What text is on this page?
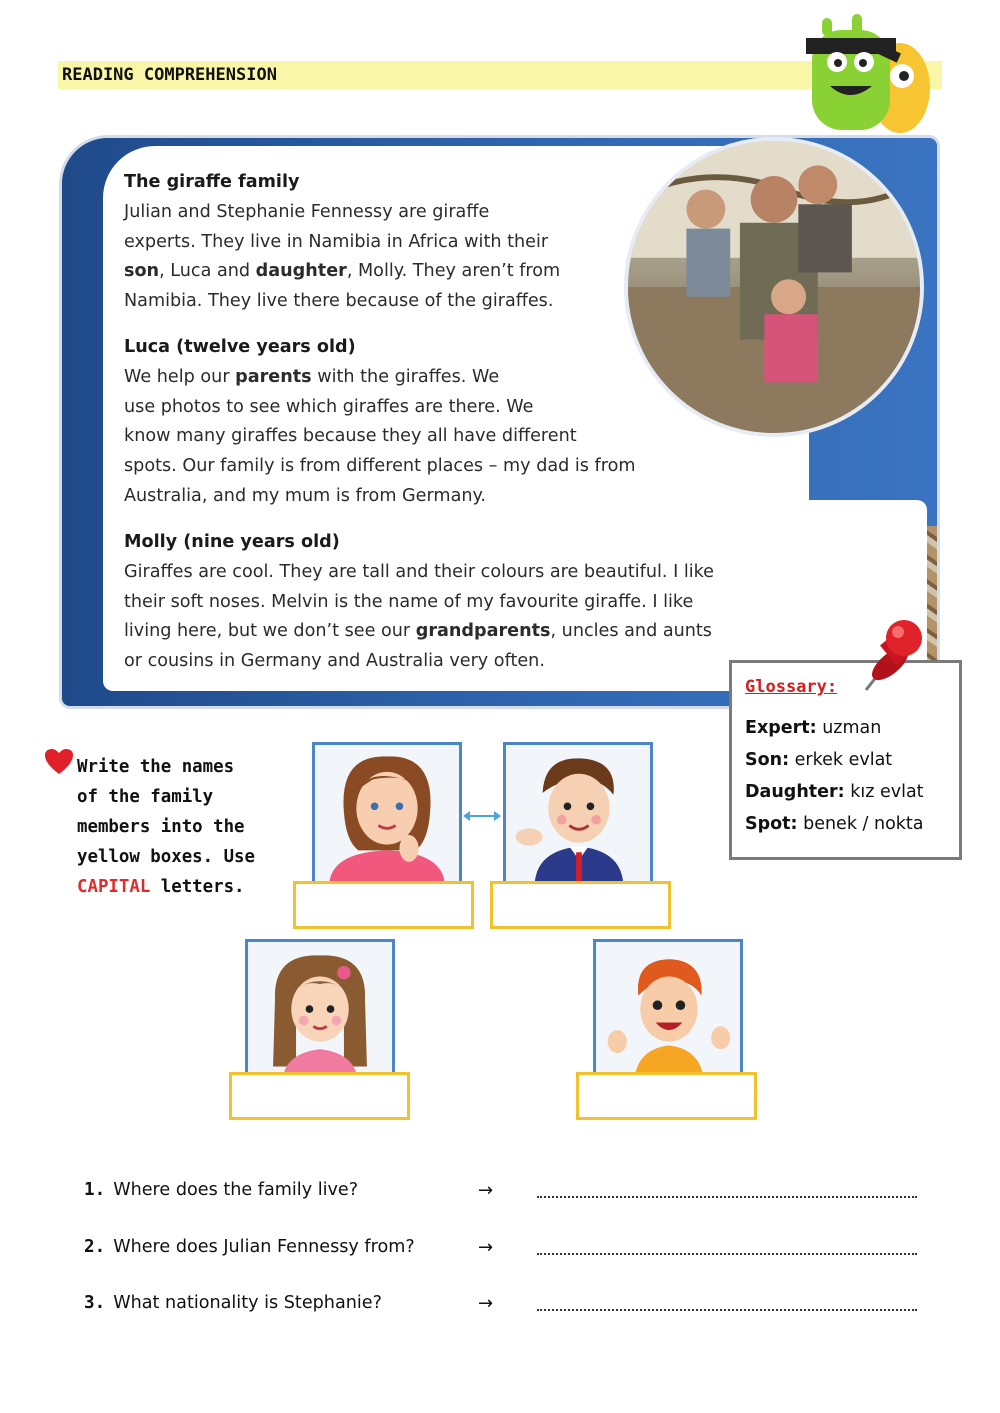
READING COMPREHENSION
The giraffe family
Julian and Stephanie Fennessy are giraffe
experts. They live in Namibia in Africa with their
son, Luca and daughter, Molly. They aren’t from
Namibia. They live there because of the giraffes.
Luca (twelve years old)
We help our parents with the giraffes. We
use photos to see which giraffes are there. We
know many giraffes because they all have different
spots. Our family is from different places – my dad is from
Australia, and my mum is from Germany.
Molly (nine years old)
Giraffes are cool. They are tall and their colours are beautiful. I like
their soft noses. Melvin is the name of my favourite giraffe. I like
living here, but we don’t see our grandparents, uncles and aunts
or cousins in Germany and Australia very often.
Glossary:
Expert: uzman
Son: erkek evlat
Daughter: kız evlat
Spot: benek / nokta
Write the names
of the family
members into the
yellow boxes. Use
CAPITAL letters.
1. Where does the family live?	→
2. Where does Julian Fennessy from?	→
3. What nationality is Stephanie?	→
